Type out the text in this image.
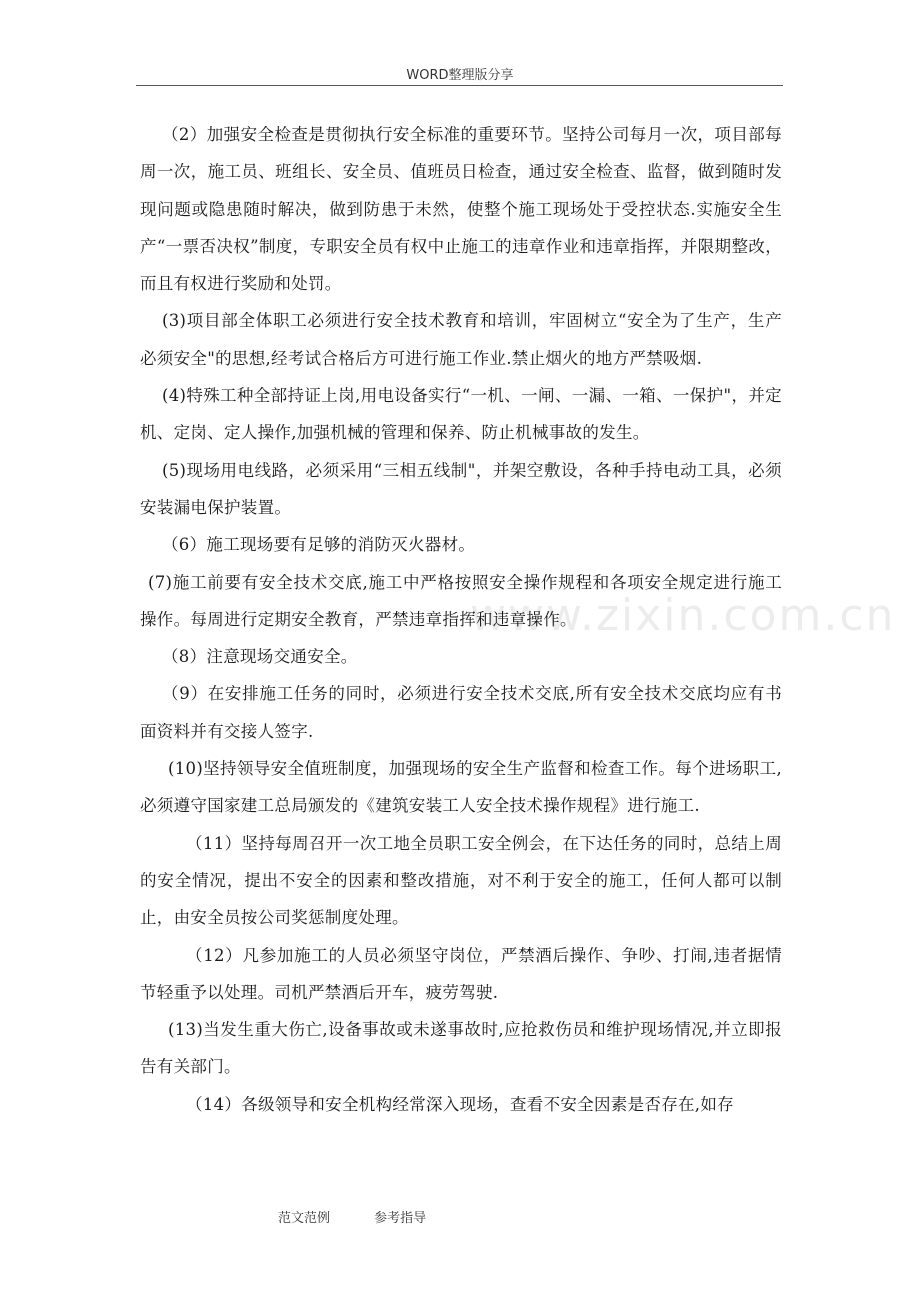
WORD整理版分享
www.zixin.com.cn

（2）加强安全检查是贯彻执行安全标准的重要环节。坚持公司每月一次，项目部每周一次，施工员、班组长、安全员、值班员日检查，通过安全检查、监督，做到随时发现问题或隐患随时解决，做到防患于未然，使整个施工现场处于受控状态.实施安全生产“一票否决权”制度，专职安全员有权中止施工的违章作业和违章指挥，并限期整改，而且有权进行奖励和处罚。

(3)项目部全体职工必须进行安全技术教育和培训，牢固树立“安全为了生产，生产必须安全"的思想,经考试合格后方可进行施工作业.禁止烟火的地方严禁吸烟.

(4)特殊工种全部持证上岗,用电设备实行“一机、一闸、一漏、一箱、一保护"，并定机、定岗、定人操作,加强机械的管理和保养、防止机械事故的发生。

(5)现场用电线路，必须采用“三相五线制"，并架空敷设，各种手持电动工具，必须安装漏电保护装置。

（6）施工现场要有足够的消防灭火器材。

(7)施工前要有安全技术交底,施工中严格按照安全操作规程和各项安全规定进行施工操作。每周进行定期安全教育，严禁违章指挥和违章操作。

（8）注意现场交通安全。

（9）在安排施工任务的同时，必须进行安全技术交底,所有安全技术交底均应有书面资料并有交接人签字.

(10)坚持领导安全值班制度，加强现场的安全生产监督和检查工作。每个进场职工,必须遵守国家建工总局颁发的《建筑安装工人安全技术操作规程》进行施工.

（11）坚持每周召开一次工地全员职工安全例会，在下达任务的同时，总结上周的安全情况，提出不安全的因素和整改措施，对不利于安全的施工，任何人都可以制止，由安全员按公司奖惩制度处理。

（12）凡参加施工的人员必须坚守岗位，严禁酒后操作、争吵、打闹,违者据情节轻重予以处理。司机严禁酒后开车，疲劳驾驶.

(13)当发生重大伤亡,设备事故或未遂事故时,应抢救伤员和维护现场情况,并立即报告有关部门。

（14）各级领导和安全机构经常深入现场，查看不安全因素是否存在,如存

范文范例	参考指导
